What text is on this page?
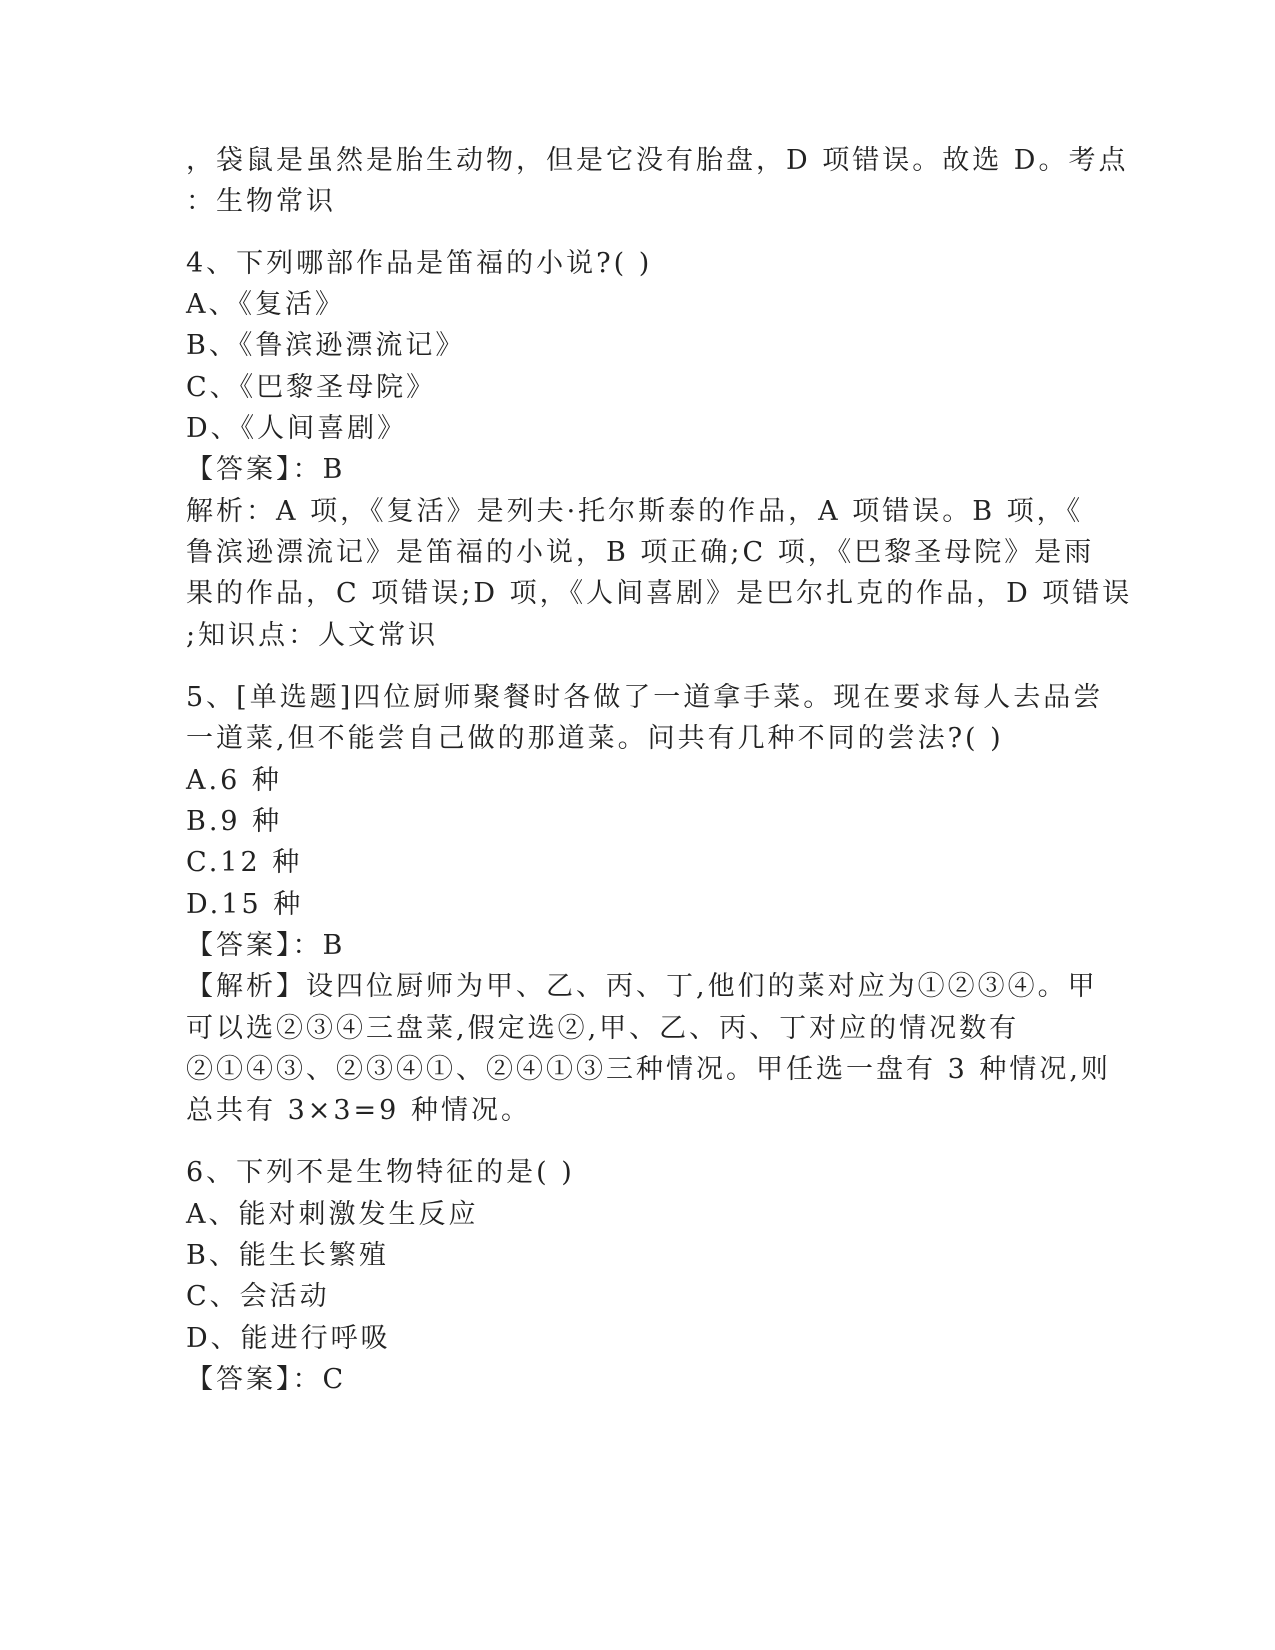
，袋鼠是虽然是胎生动物，但是它没有胎盘，D 项错误。故选 D。考点
：生物常识
4、下列哪部作品是笛福的小说?( )
A、《复活》
B、《鲁滨逊漂流记》
C、《巴黎圣母院》
D、《人间喜剧》
【答案】：B
解析：A 项，《复活》是列夫·托尔斯泰的作品，A 项错误。B 项，《
鲁滨逊漂流记》是笛福的小说，B 项正确;C 项，《巴黎圣母院》是雨
果的作品，C 项错误;D 项，《人间喜剧》是巴尔扎克的作品，D 项错误
;知识点：人文常识
5、[单选题]四位厨师聚餐时各做了一道拿手菜。现在要求每人去品尝
一道菜,但不能尝自己做的那道菜。问共有几种不同的尝法?( )
A.6 种
B.9 种
C.12 种
D.15 种
【答案】：B
【解析】设四位厨师为甲、乙、丙、丁,他们的菜对应为①②③④。甲
可以选②③④三盘菜,假定选②,甲、乙、丙、丁对应的情况数有
②①④③、②③④①、②④①③三种情况。甲任选一盘有 3 种情况,则
总共有 3×3=9 种情况。
6、下列不是生物特征的是( )
A、能对刺激发生反应
B、能生长繁殖
C、会活动
D、能进行呼吸
【答案】：C
